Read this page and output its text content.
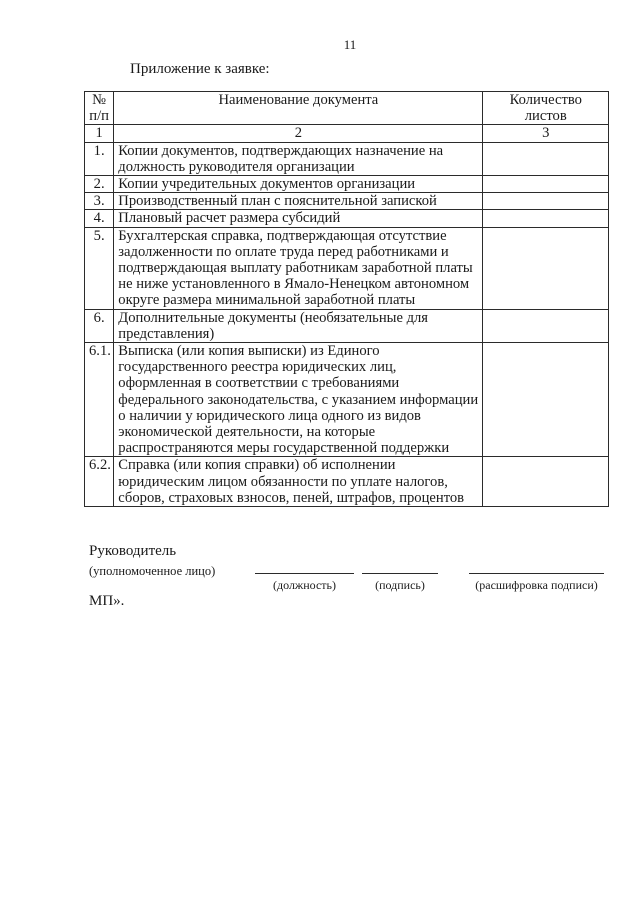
11
Приложение к заявке:
№ п/п	Наименование документа	Количество листов
1	2	3
1.	Копии документов, подтверждающих назначение на должность руководителя организации	
2.	Копии учредительных документов организации	
3.	Производственный план с пояснительной запиской	
4.	Плановый расчет размера субсидий	
5.	Бухгалтерская справка, подтверждающая отсутствие задолженности по оплате труда перед работниками и подтверждающая выплату работникам заработной платы не ниже установленного в Ямало-Ненецком автономном округе размера минимальной заработной платы	
6.	Дополнительные документы (необязательные для представления)	
6.1.	Выписка (или копия выписки) из Единого государственного реестра юридических лиц, оформленная в соответствии с требованиями федерального законодательства, с указанием информации о наличии у юридического лица одного из видов экономической деятельности, на которые распространяются меры государственной поддержки	
6.2.	Справка (или копия справки) об исполнении юридическим лицом обязанности по уплате налогов, сборов, страховых взносов, пеней, штрафов, процентов	
Руководитель
(уполномоченное лицо)
(должность)	(подпись)	(расшифровка подписи)
МП».
